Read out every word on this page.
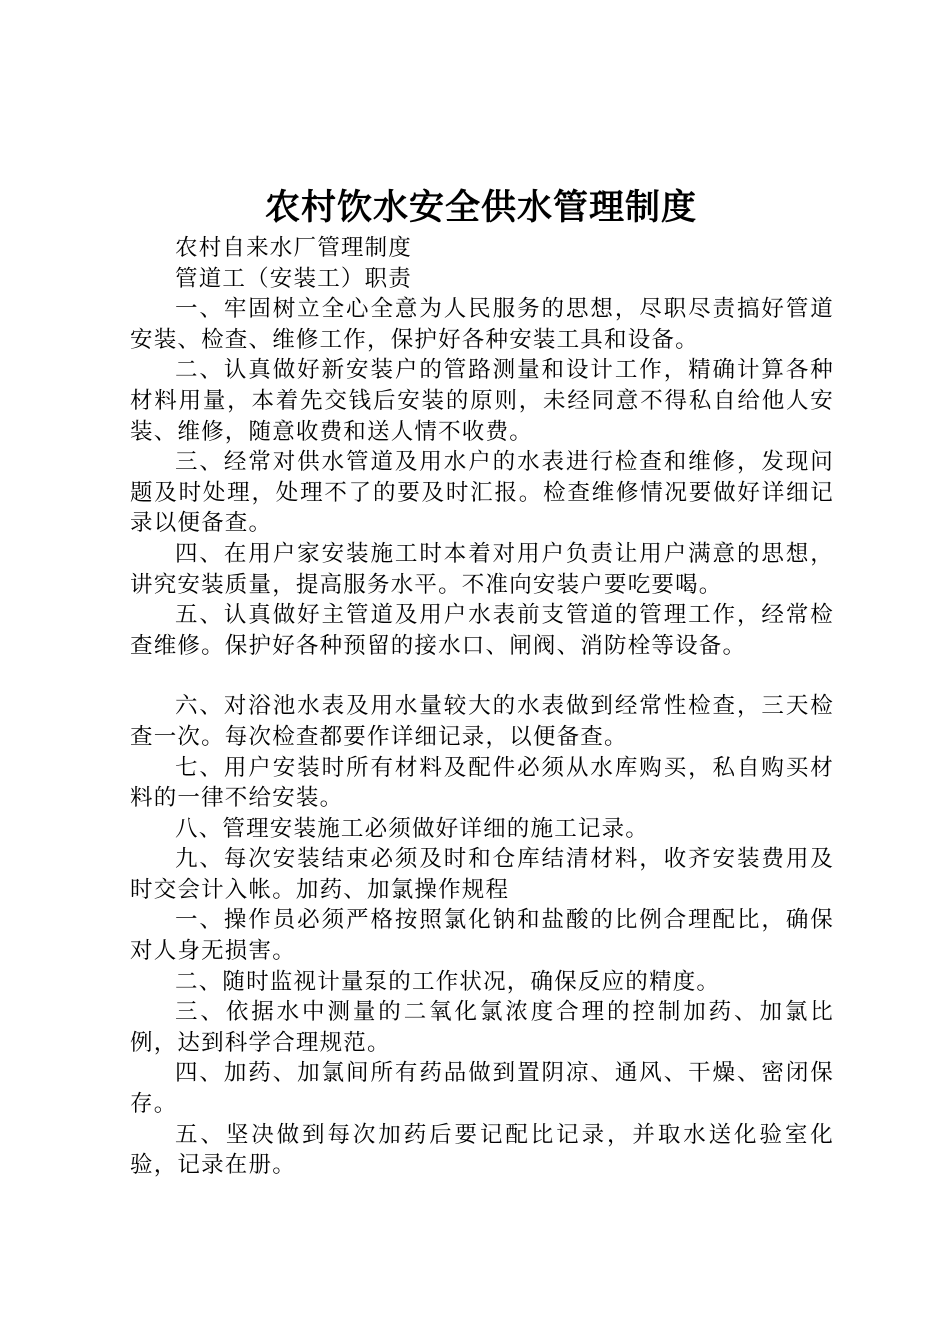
农村饮水安全供水管理制度

农村自来水厂管理制度

管道工（安装工）职责

一、牢固树立全心全意为人民服务的思想，尽职尽责搞好管道安装、检查、维修工作，保护好各种安装工具和设备。

二、认真做好新安装户的管路测量和设计工作，精确计算各种材料用量，本着先交钱后安装的原则，未经同意不得私自给他人安装、维修，随意收费和送人情不收费。

三、经常对供水管道及用水户的水表进行检查和维修，发现问题及时处理，处理不了的要及时汇报。检查维修情况要做好详细记录以便备查。

四、在用户家安装施工时本着对用户负责让用户满意的思想，讲究安装质量，提高服务水平。不准向安装户要吃要喝。

五、认真做好主管道及用户水表前支管道的管理工作，经常检查维修。保护好各种预留的接水口、闸阀、消防栓等设备。

六、对浴池水表及用水量较大的水表做到经常性检查，三天检查一次。每次检查都要作详细记录，以便备查。

七、用户安装时所有材料及配件必须从水库购买，私自购买材料的一律不给安装。

八、管理安装施工必须做好详细的施工记录。

九、每次安装结束必须及时和仓库结清材料，收齐安装费用及时交会计入帐。加药、加氯操作规程

一、操作员必须严格按照氯化钠和盐酸的比例合理配比，确保对人身无损害。

二、随时监视计量泵的工作状况，确保反应的精度。

三、依据水中测量的二氧化氯浓度合理的控制加药、加氯比例，达到科学合理规范。

四、加药、加氯间所有药品做到置阴凉、通风、干燥、密闭保存。

五、坚决做到每次加药后要记配比记录，并取水送化验室化验，记录在册。
